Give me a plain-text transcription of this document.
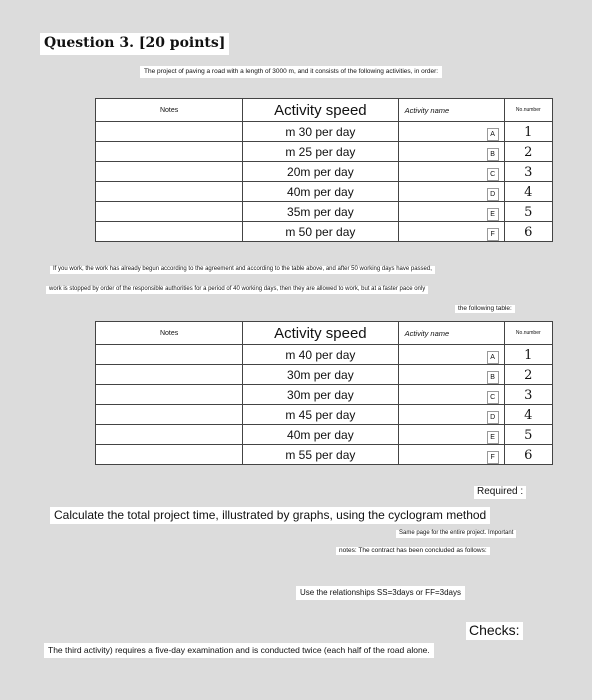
Question 3. [20 points]
The project of paving a road with a length of 3000 m, and it consists of the following activities, in order:
Notes	Activity speed	Activity name	No.number
	m 30 per day	A	1
	m 25 per day	B	2
	20m per day	C	3
	40m per day	D	4
	35m per day	E	5
	m 50 per day	F	6
If you work, the work has already begun according to the agreement and according to the table above, and after 50 working days have passed,
work is stopped by order of the responsible authorities for a period of 40 working days, then they are allowed to work, but at a faster pace only
the following table:
Notes	Activity speed	Activity name	No.number
	m 40 per day	A	1
	30m per day	B	2
	30m per day	C	3
	m 45 per day	D	4
	40m per day	E	5
	m 55 per day	F	6
Required :
Calculate the total project time, illustrated by graphs, using the cyclogram method
Same page for the entire project. Important
notes: The contract has been concluded as follows:
Use the relationships SS=3days or FF=3days
Checks:
The third activity) requires a five-day examination and is conducted twice (each half of the road alone.
